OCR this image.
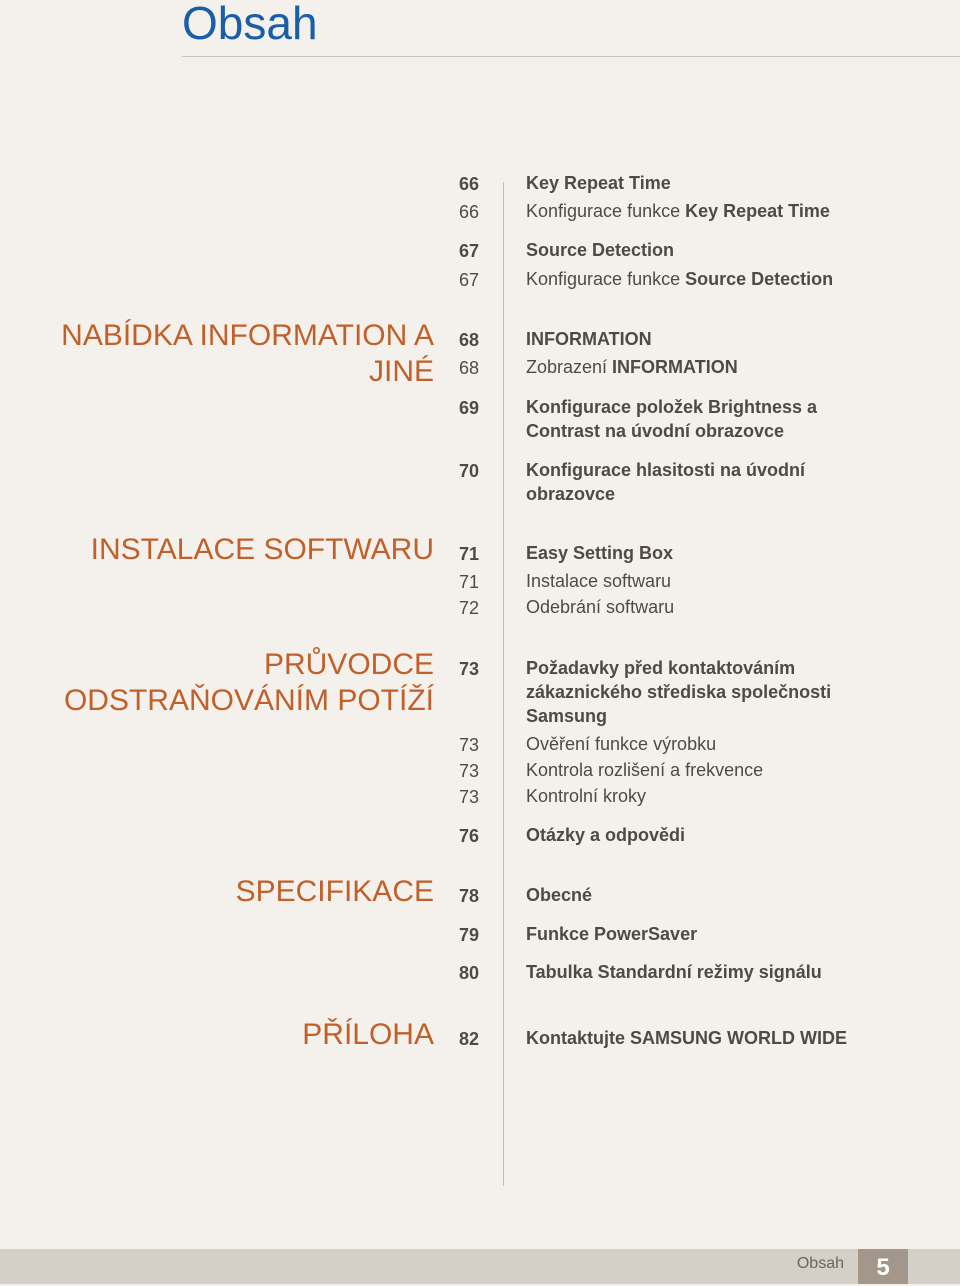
Obsah
NABÍDKA INFORMATION A
JINÉ
INSTALACE SOFTWARU
PRŮVODCE
ODSTRAŇOVÁNÍM POTÍŽÍ
SPECIFIKACE
PŘÍLOHA
66
66
67
67
68
68
69
70
71
71
72
73
73
73
73
76
78
79
80
82
Key Repeat Time
Konfigurace funkce Key Repeat Time
Source Detection
Konfigurace funkce Source Detection
INFORMATION
Zobrazení INFORMATION
Konfigurace položek Brightness a
Contrast na úvodní obrazovce
Konfigurace hlasitosti na úvodní
obrazovce
Easy Setting Box
Instalace softwaru
Odebrání softwaru
Požadavky před kontaktováním
zákaznického střediska společnosti
Samsung
Ověření funkce výrobku
Kontrola rozlišení a frekvence
Kontrolní kroky
Otázky a odpovědi
Obecné
Funkce PowerSaver
Tabulka Standardní režimy signálu
Kontaktujte SAMSUNG WORLD WIDE
Obsah	5
